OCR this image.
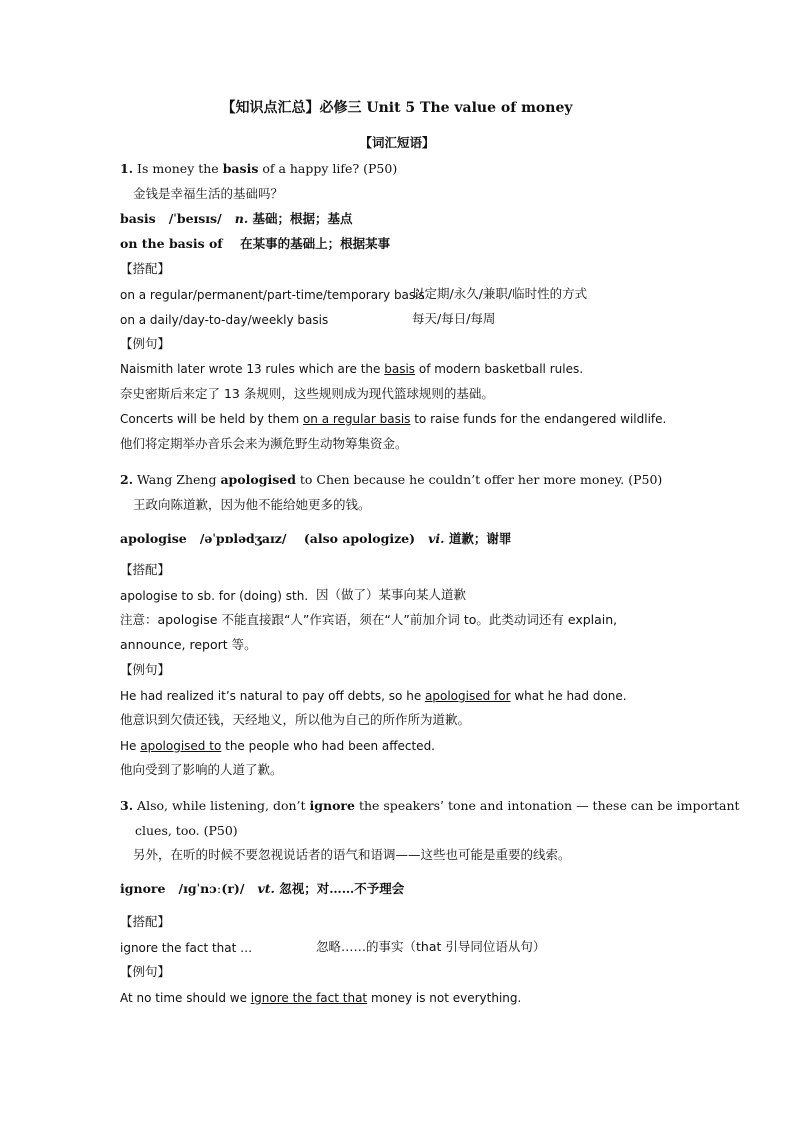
【知识点汇总】必修三 Unit 5 The value of money
【词汇短语】
1. Is money the basis of a happy life? (P50)
金钱是幸福生活的基础吗？
basis /ˈbeɪsɪs/ n. 基础；根据；基点
on the basis of 在某事的基础上；根据某事
【搭配】
on a regular/permanent/part-time/temporary basis
以定期/永久/兼职/临时性的方式
on a daily/day-to-day/weekly basis	每天/每日/每周
【例句】
Naismith later wrote 13 rules which are the basis of modern basketball rules.
奈史密斯后来定了 13 条规则，这些规则成为现代篮球规则的基础。
Concerts will be held by them on a regular basis to raise funds for the endangered wildlife.
他们将定期举办音乐会来为濒危野生动物筹集资金。
2. Wang Zheng apologised to Chen because he couldn’t offer her more money. (P50)
王政向陈道歉，因为他不能给她更多的钱。
apologise /əˈpɒlədʒaɪz/ (also apologize) vi. 道歉；谢罪
【搭配】
apologise to sb. for (doing) sth. 因（做了）某事向某人道歉
注意：apologise 不能直接跟“人”作宾语，须在“人”前加介词 to。此类动词还有 explain,
announce, report 等。
【例句】
He had realized it’s natural to pay off debts, so he apologised for what he had done.
他意识到欠债还钱，天经地义，所以他为自己的所作所为道歉。
He apologised to the people who had been affected.
他向受到了影响的人道了歉。
3. Also, while listening, don’t ignore the speakers’ tone and intonation — these can be important
clues, too. (P50)
另外，在听的时候不要忽视说话者的语气和语调——这些也可能是重要的线索。
ignore /ɪɡˈnɔː(r)/ vt. 忽视；对……不予理会
【搭配】
ignore the fact that …	忽略……的事实（that 引导同位语从句）
【例句】
At no time should we ignore the fact that money is not everything.
